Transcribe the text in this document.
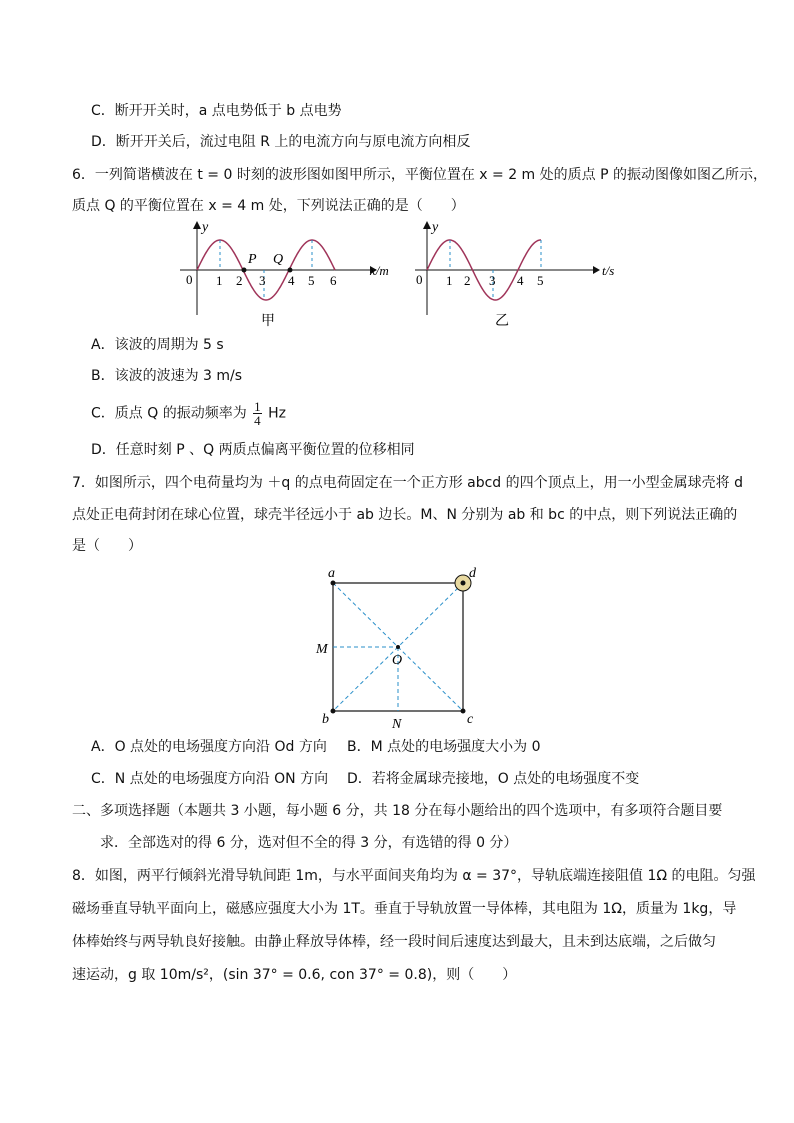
C．断开开关时，a 点电势低于 b 点电势
D．断开开关后，流过电阻 R 上的电流方向与原电流方向相反
6．一列简谐横波在 t = 0 时刻的波形图如图甲所示，平衡位置在 x = 2 m 处的质点 P 的振动图像如图乙所示，
质点 Q 的平衡位置在 x = 4 m 处，下列说法正确的是（　　）
y
x/m
0 1 2 3 4 5 6
P Q
甲
y
t/s
0 1 2 3 4 5
乙
A．该波的周期为 5 s
B．该波的波速为 3 m/s
C．质点 Q 的振动频率为 $\frac{1}{4}$ Hz
D．任意时刻 P 、Q 两质点偏离平衡位置的位移相同
7．如图所示，四个电荷量均为 ＋q 的点电荷固定在一个正方形 abcd 的四个顶点上，用一小型金属球壳将 d
点处正电荷封闭在球心位置，球壳半径远小于 ab 边长。M、N 分别为 ab 和 bc 的中点，则下列说法正确的
是（　　）
a	d
b	c
M
N
O
A．O 点处的电场强度方向沿 Od 方向 B．M 点处的电场强度大小为 0
C．N 点处的电场强度方向沿 ON 方向 D．若将金属球壳接地，O 点处的电场强度不变
二、多项选择题（本题共 3 小题，每小题 6 分，共 18 分在每小题给出的四个选项中，有多项符合题目要
求．全部选对的得 6 分，选对但不全的得 3 分，有选错的得 0 分）
8．如图，两平行倾斜光滑导轨间距 1m，与水平面间夹角均为 α = 37°，导轨底端连接阻值 1Ω 的电阻。匀强
磁场垂直导轨平面向上，磁感应强度大小为 1T。垂直于导轨放置一导体棒，其电阻为 1Ω，质量为 1kg，导
体棒始终与两导轨良好接触。由静止释放导体棒，经一段时间后速度达到最大，且未到达底端，之后做匀
速运动，g 取 10m/s²，(sin 37° = 0.6, con 37° = 0.8)，则（　　）
